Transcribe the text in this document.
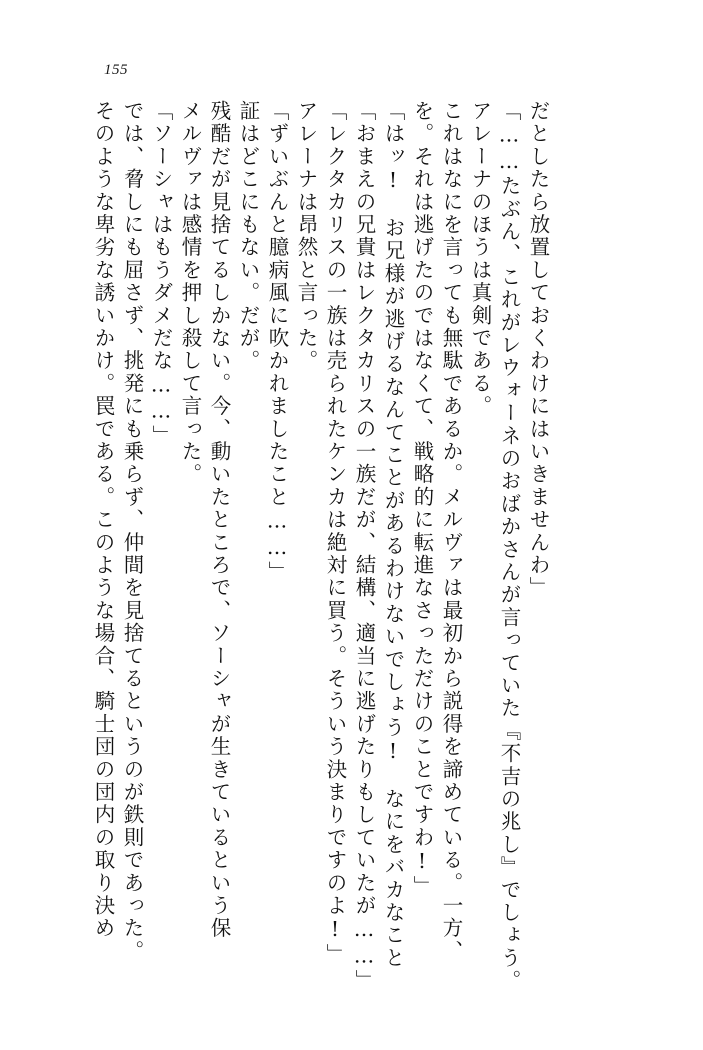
155
そのような卑劣な誘いかけ。罠である。このような場合、騎士団の団内の取り決め では、脅しにも屈さず、挑発にも乗らず、仲間を見捨てるというのが鉄則であった。 「ソーシャはもうダメだな……」 メルヴァは感情を押し殺して言った。 残酷だが見捨てるしかない。今、動いたところで、ソーシャが生きているという保 証はどこにもない。だが。 「ずいぶんと臆病風に吹かれましたこと……」 アレーナは昂然と言った。 「レクタカリスの一族は売られたケンカは絶対に買う。そういう決まりですのよ!」 「おまえの兄貴はレクタカリスの一族だが、結構、適当に逃げたりもしていたが……」 「はッ!　お兄様が逃げるなんてことがあるわけないでしょう!　なにをバカなこと を。それは逃げたのではなくて、戦略的に転進なさっただけのことですわ!」 これはなにを言っても無駄であるか。メルヴァは最初から説得を諦めている。一方、 アレーナのほうは真剣である。 「……たぶん、これがレウォーネのおばかさんが言っていた『不吉の兆し』でしょう。 だとしたら放置しておくわけにはいきませんわ」
